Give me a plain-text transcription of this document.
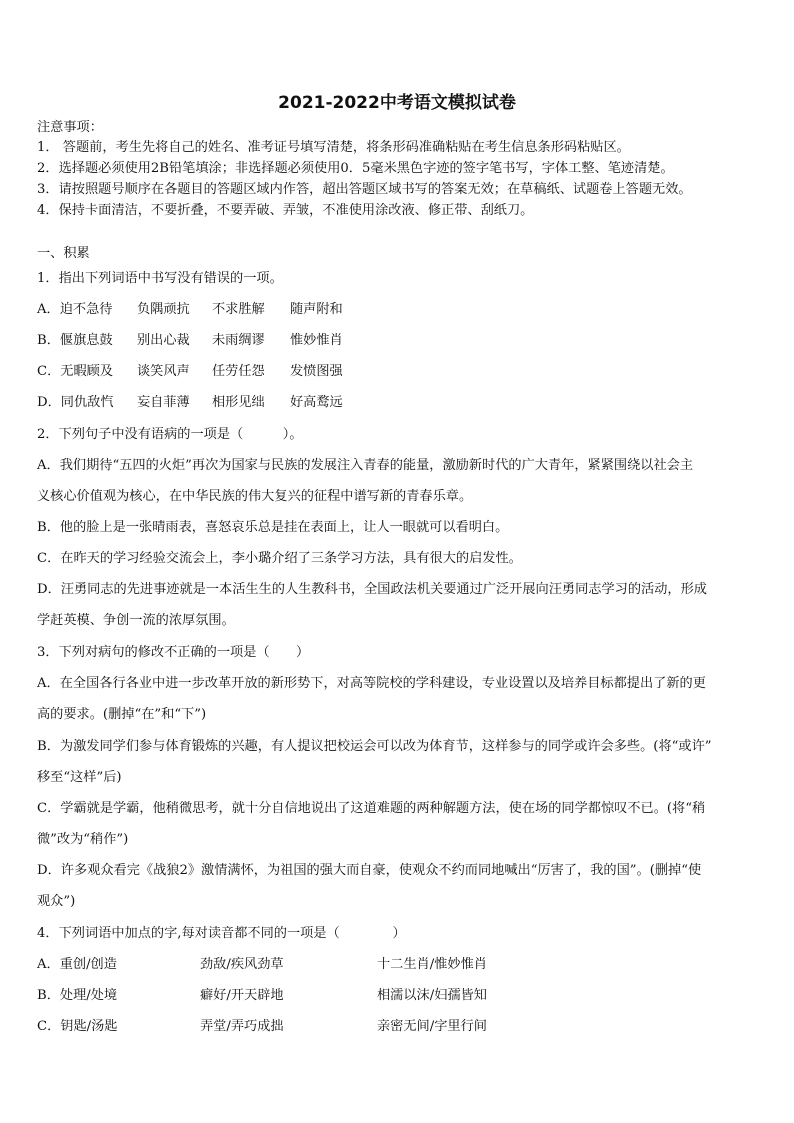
2021-2022中考语文模拟试卷
注意事项：
1． 答题前，考生先将自己的姓名、准考证号填写清楚，将条形码准确粘贴在考生信息条形码粘贴区。
2．选择题必须使用2B铅笔填涂；非选择题必须使用0．5毫米黑色字迹的签字笔书写，字体工整、笔迹清楚。
3．请按照题号顺序在各题目的答题区域内作答，超出答题区域书写的答案无效；在草稿纸、试题卷上答题无效。
4．保持卡面清洁，不要折叠，不要弄破、弄皱，不准使用涂改液、修正带、刮纸刀。
一、积累
1．指出下列词语中书写没有错误的一项。
A．迫不急待 负隅顽抗 不求胜解 随声附和
B．偃旗息鼓 别出心裁 未雨绸谬 惟妙惟肖
C．无暇顾及 谈笑风声 任劳任怨 发愤图强
D．同仇敌忾 妄自菲薄 相形见绌 好高鹜远
2．下列句子中没有语病的一项是（　　　）。
A．我们期待“五四的火炬”再次为国家与民族的发展注入青春的能量，激励新时代的广大青年，紧紧围绕以社会主
义核心价值观为核心，在中华民族的伟大复兴的征程中谱写新的青春乐章。
B．他的脸上是一张晴雨表，喜怒哀乐总是挂在表面上，让人一眼就可以看明白。
C．在昨天的学习经验交流会上，李小璐介绍了三条学习方法，具有很大的启发性。
D．汪勇同志的先进事迹就是一本活生生的人生教科书，全国政法机关要通过广泛开展向汪勇同志学习的活动，形成
学赶英模、争创一流的浓厚氛围。
3．下列对病句的修改不正确的一项是（　　）
A．在全国各行各业中进一步改革开放的新形势下，对高等院校的学科建设，专业设置以及培养目标都提出了新的更
高的要求。(删掉“在”和“下”)
B．为激发同学们参与体育锻炼的兴趣，有人提议把校运会可以改为体育节，这样参与的同学或许会多些。(将“或许”
移至“这样”后)
C．学霸就是学霸，他稍微思考，就十分自信地说出了这道难题的两种解题方法，使在场的同学都惊叹不已。(将“稍
微”改为“稍作”)
D．许多观众看完《战狼2》激情满怀，为祖国的强大而自豪，使观众不约而同地喊出“厉害了，我的国”。(删掉“使
观众”)
4．下列词语中加点的字,每对读音都不同的一项是（　　　　）
A．重创/创造	劲敌/疾风劲草	十二生肖/惟妙惟肖
B．处理/处境	癖好/开天辟地	相濡以沫/妇孺皆知
C．钥匙/汤匙	弄堂/弄巧成拙	亲密无间/字里行间
